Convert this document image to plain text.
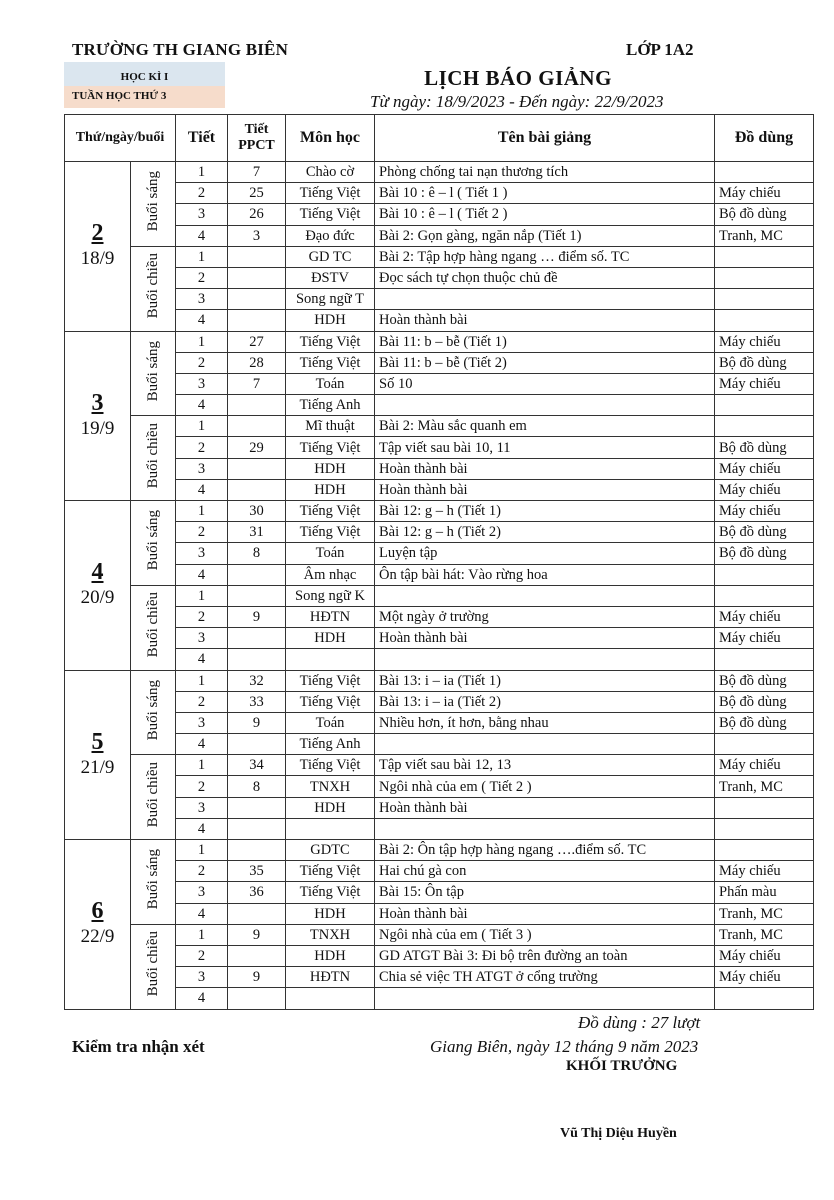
TRƯỜNG TH GIANG BIÊN	LỚP 1A2
HỌC KÌ I
TUẦN HỌC THỨ 3
LỊCH BÁO GIẢNG
Từ ngày: 18/9/2023 - Đến ngày: 22/9/2023
Thứ/ngày/buổi		Tiết	Tiết PPCT	Môn học	Tên bài giảng	Đồ dùng

2
18/9	Buổi sáng	1	7	Chào cờ	Phòng chống tai nạn thương tích	
		2	25	Tiếng Việt	Bài 10 : ê – l ( Tiết 1 )	Máy chiếu
		3	26	Tiếng Việt	Bài 10 : ê – l ( Tiết 2 )	Bộ đồ dùng
		4	3	Đạo đức	Bài 2: Gọn gàng, ngăn nắp (Tiết 1)	Tranh, MC
	Buổi chiều	1		GD TC	Bài 2: Tập hợp hàng ngang … điểm số. TC	
		2		ĐSTV	Đọc sách tự chọn thuộc chủ đề	
		3		Song ngữ T		
		4		HDH	Hoàn thành bài	

3
19/9	Buổi sáng	1	27	Tiếng Việt	Bài 11: b – bễ (Tiết 1)	Máy chiếu
		2	28	Tiếng Việt	Bài 11: b – bễ (Tiết 2)	Bộ đồ dùng
		3	7	Toán	Số 10	Máy chiếu
		4		Tiếng Anh		
	Buổi chiều	1		Mĩ thuật	Bài 2: Màu sắc quanh em	
		2	29	Tiếng Việt	Tập viết sau bài 10, 11	Bộ đồ dùng
		3		HDH	Hoàn thành bài	Máy chiếu
		4		HDH	Hoàn thành bài	Máy chiếu

4
20/9	Buổi sáng	1	30	Tiếng Việt	Bài 12: g – h (Tiết 1)	Máy chiếu
		2	31	Tiếng Việt	Bài 12: g – h (Tiết 2)	Bộ đồ dùng
		3	8	Toán	Luyện tập	Bộ đồ dùng
		4		Âm nhạc	Ôn tập bài hát: Vào rừng hoa	
	Buổi chiều	1		Song ngữ K		
		2	9	HĐTN	Một ngày ở trường	Máy chiếu
		3		HDH	Hoàn thành bài	Máy chiếu
		4				

5
21/9	Buổi sáng	1	32	Tiếng Việt	Bài 13: i – ia (Tiết 1)	Bộ đồ dùng
		2	33	Tiếng Việt	Bài 13: i – ia (Tiết 2)	Bộ đồ dùng
		3	9	Toán	Nhiều hơn, ít hơn, bằng nhau	Bộ đồ dùng
		4		Tiếng Anh		
	Buổi chiều	1	34	Tiếng Việt	Tập viết sau bài 12, 13	Máy chiếu
		2	8	TNXH	Ngôi nhà của em ( Tiết 2 )	Tranh, MC
		3		HDH	Hoàn thành bài	
		4				

6
22/9	Buổi sáng	1		GDTC	Bài 2: Ôn tập hợp hàng ngang ….điểm số. TC	
		2	35	Tiếng Việt	Hai chú gà con	Máy chiếu
		3	36	Tiếng Việt	Bài 15: Ôn tập	Phấn màu
		4		HDH	Hoàn thành bài	Tranh, MC
	Buổi chiều	1	9	TNXH	Ngôi nhà của em ( Tiết 3 )	Tranh, MC
		2		HDH	GD ATGT Bài 3: Đi bộ trên đường an toàn	Máy chiếu
		3	9	HĐTN	Chia sẻ việc TH ATGT ở cổng trường	Máy chiếu
		4				
Đồ dùng : 27 lượt
Kiểm tra nhận xét	Giang Biên, ngày 12 tháng 9 năm 2023
KHỐI TRƯỞNG
Vũ Thị Diệu Huyền
